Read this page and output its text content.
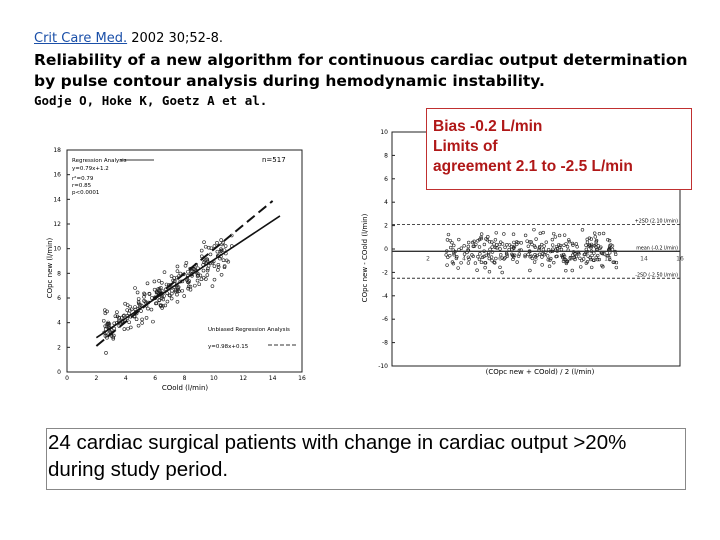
Crit Care Med. 2002 30;52-8.
Reliability of a new algorithm for continuous cardiac output determination by pulse contour analysis during hemodynamic instability.
Godje O, Hoke K, Goetz A et al.
0
2
4
6
8
10
12
14
16
18
0	2	4	6	8	10	12	14	16
Regression Analysis
y=0.79x+1.2
r²=0.79
r=0.85
p<0.0001
n=517
Unbiased Regression Analysis
y=0.98x+0.15
COpc new (l/min)
COold (l/min)
10
8
6
4
2
0
-2
-4
-6
-8
-10
2	4	6	8	10	12	14	16
+2SD (2.10 l/min)
mean (-0.2 l/min)
-2SD (-2.50 l/min)
COpc new - COold (l/min)
(COpc new + COold) / 2 (l/min)
Bias -0.2 L/min
Limits of
agreement 2.1 to -2.5 L/min
24 cardiac surgical patients with change in cardiac output >20% during study period.
